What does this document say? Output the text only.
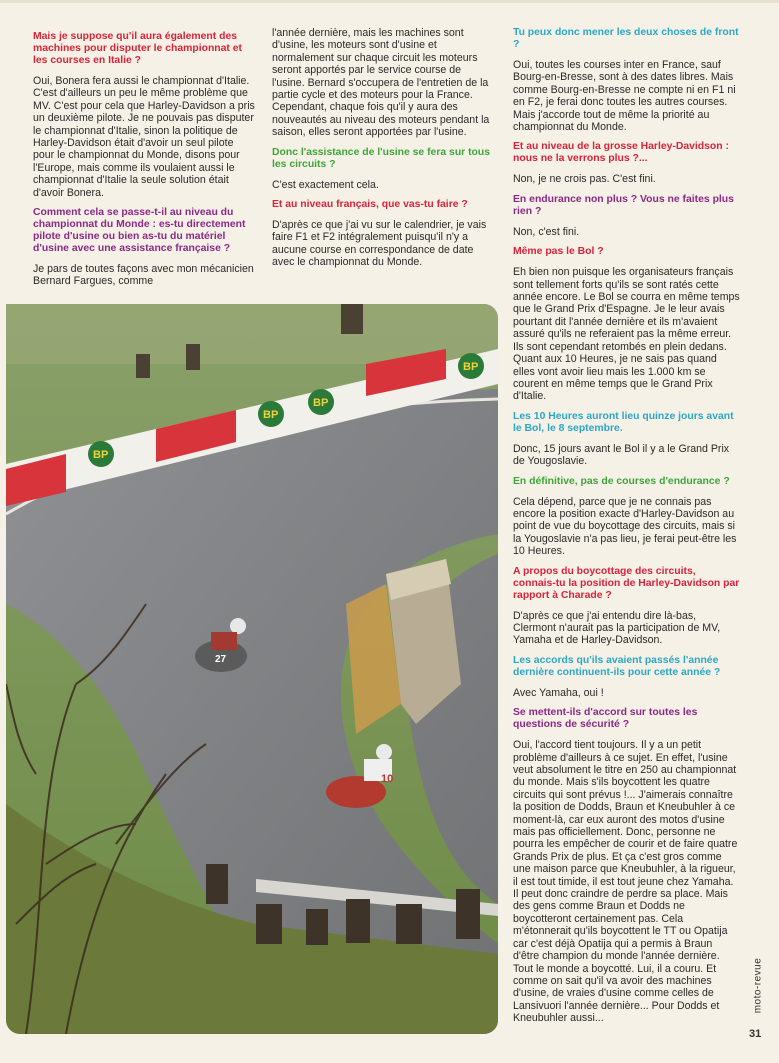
Mais je suppose qu'il aura également des machines pour disputer le championnat et les courses en Italie ?

Oui, Bonera fera aussi le championnat d'Italie. C'est d'ailleurs un peu le même problème que MV. C'est pour cela que Harley-Davidson a pris un deuxième pilote. Je ne pouvais pas disputer le championnat d'Italie, sinon la politique de Harley-Davidson était d'avoir un seul pilote pour le championnat du Monde, disons pour l'Europe, mais comme ils voulaient aussi le championnat d'Italie la seule solution était d'avoir Bonera.

Comment cela se passe-t-il au niveau du championnat du Monde : es-tu directement pilote d'usine ou bien as-tu du matériel d'usine avec une assistance française ?

Je pars de toutes façons avec mon mécanicien Bernard Fargues, comme

l'année dernière, mais les machines sont d'usine, les moteurs sont d'usine et normalement sur chaque circuit les moteurs seront apportés par le service course de l'usine. Bernard s'occupera de l'entretien de la partie cycle et des moteurs pour la France. Cependant, chaque fois qu'il y aura des nouveautés au niveau des moteurs pendant la saison, elles seront apportées par l'usine.

Donc l'assistance de l'usine se fera sur tous les circuits ?

C'est exactement cela.

Et au niveau français, que vas-tu faire ?

D'après ce que j'ai vu sur le calendrier, je vais faire F1 et F2 intégralement puisqu'il n'y a aucune course en correspondance de date avec le championnat du Monde.

Tu peux donc mener les deux choses de front ?

Oui, toutes les courses inter en France, sauf Bourg-en-Bresse, sont à des dates libres. Mais comme Bourg-en-Bresse ne compte ni en F1 ni en F2, je ferai donc toutes les autres courses. Mais j'accorde tout de même la priorité au championnat du Monde.

Et au niveau de la grosse Harley-Davidson : nous ne la verrons plus ?...

Non, je ne crois pas. C'est fini.

En endurance non plus ? Vous ne faites plus rien ?

Non, c'est fini.

Même pas le Bol ?

Eh bien non puisque les organisateurs français sont tellement forts qu'ils se sont ratés cette année encore. Le Bol se courra en même temps que le Grand Prix d'Espagne. Je le leur avais pourtant dit l'année dernière et ils m'avaient assuré qu'ils ne referaient pas la même erreur. Ils sont cependant retombés en plein dedans. Quant aux 10 Heures, je ne sais pas quand elles vont avoir lieu mais les 1.000 km se courent en même temps que le Grand Prix d'Italie.

Les 10 Heures auront lieu quinze jours avant le Bol, le 8 septembre.

Donc, 15 jours avant le Bol il y a le Grand Prix de Yougoslavie.

En définitive, pas de courses d'endurance ?

Cela dépend, parce que je ne connais pas encore la position exacte d'Harley-Davidson au point de vue du boycottage des circuits, mais si la Yougoslavie n'a pas lieu, je ferai peut-être les 10 Heures.

A propos du boycottage des circuits, connais-tu la position de Harley-Davidson par rapport à Charade ?

D'après ce que j'ai entendu dire là-bas, Clermont n'aurait pas la participation de MV, Yamaha et de Harley-Davidson.

Les accords qu'ils avaient passés l'année dernière continuent-ils pour cette année ?

Avec Yamaha, oui !

Se mettent-ils d'accord sur toutes les questions de sécurité ?

Oui, l'accord tient toujours. Il y a un petit problème d'ailleurs à ce sujet. En effet, l'usine veut absolument le titre en 250 au championnat du monde. Mais s'ils boycottent les quatre circuits qui sont prévus !... J'aimerais connaître la position de Dodds, Braun et Kneubuhler à ce moment-là, car eux auront des motos d'usine mais pas officiellement. Donc, personne ne pourra les empêcher de courir et de faire quatre Grands Prix de plus. Et ça c'est gros comme une maison parce que Kneubuhler, à la rigueur, il est tout timide, il est tout jeune chez Yamaha. Il peut donc craindre de perdre sa place. Mais des gens comme Braun et Dodds ne boycotteront certainement pas. Cela m'étonnerait qu'ils boycottent le TT ou Opatija car c'est déjà Opatija qui a permis à Braun d'être champion du monde l'année dernière. Tout le monde a boycotté. Lui, il a couru. Et comme on sait qu'il va avoir des machines d'usine, de vraies d'usine comme celles de Lansivuori l'année dernière... Pour Dodds et Kneubuhler aussi...

BP
BP
BP
BP
27
10
moto-revue
31
